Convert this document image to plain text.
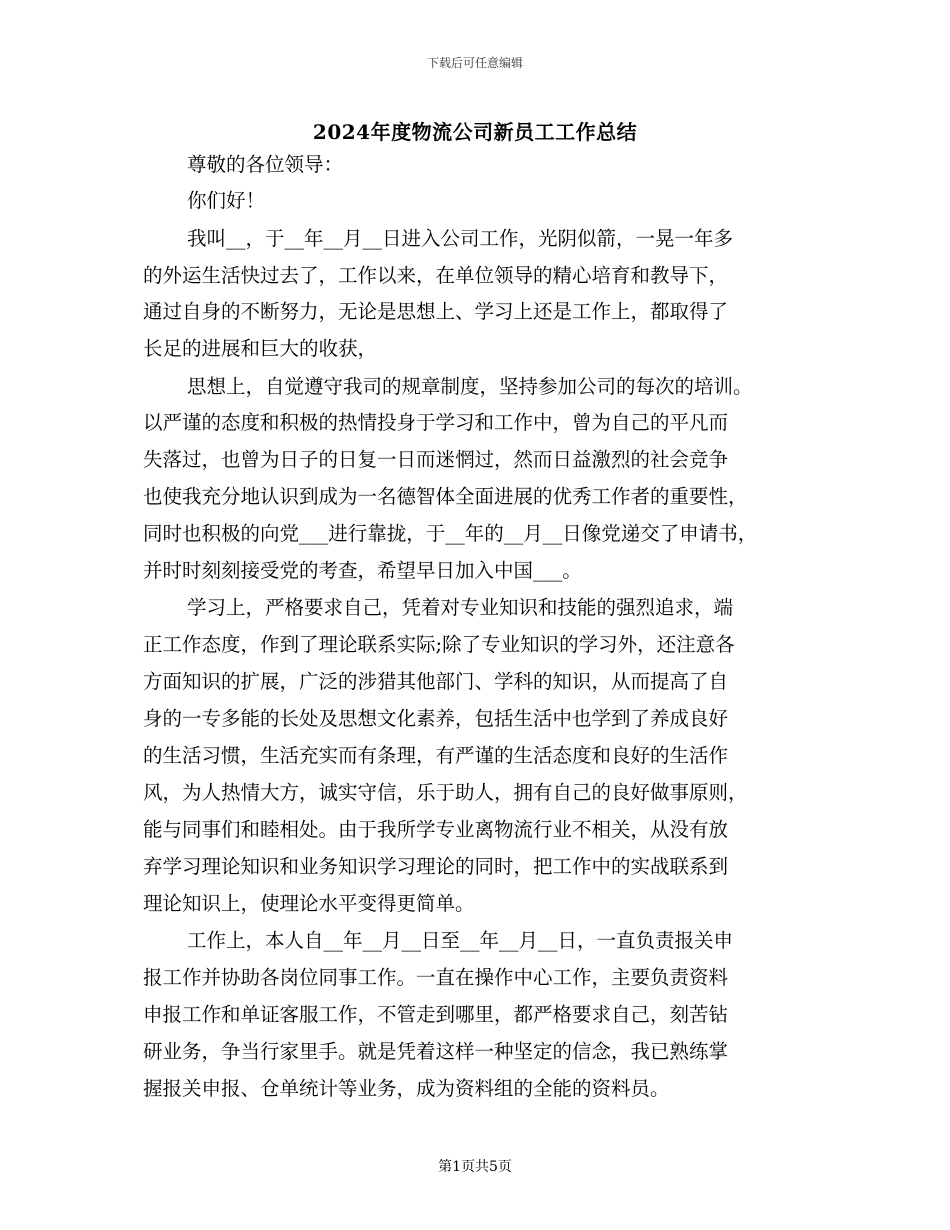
下载后可任意编辑
2024年度物流公司新员工工作总结
尊敬的各位领导：
你们好！
我叫__，于__年__月__日进入公司工作，光阴似箭，一晃一年多
的外运生活快过去了，工作以来，在单位领导的精心培育和教导下，
通过自身的不断努力，无论是思想上、学习上还是工作上，都取得了
长足的进展和巨大的收获，
思想上，自觉遵守我司的规章制度，坚持参加公司的每次的培训。
以严谨的态度和积极的热情投身于学习和工作中，曾为自己的平凡而
失落过，也曾为日子的日复一日而迷惘过，然而日益激烈的社会竞争
也使我充分地认识到成为一名德智体全面进展的优秀工作者的重要性，
同时也积极的向党___进行靠拢，于__年的__月__日像党递交了申请书，
并时时刻刻接受党的考查，希望早日加入中国___。
学习上，严格要求自己，凭着对专业知识和技能的强烈追求，端
正工作态度，作到了理论联系实际;除了专业知识的学习外，还注意各
方面知识的扩展，广泛的涉猎其他部门、学科的知识，从而提高了自
身的一专多能的长处及思想文化素养，包括生活中也学到了养成良好
的生活习惯，生活充实而有条理，有严谨的生活态度和良好的生活作
风，为人热情大方，诚实守信，乐于助人，拥有自己的良好做事原则，
能与同事们和睦相处。由于我所学专业离物流行业不相关，从没有放
弃学习理论知识和业务知识学习理论的同时，把工作中的实战联系到
理论知识上，使理论水平变得更简单。
工作上，本人自__年__月__日至__年__月__日，一直负责报关申
报工作并协助各岗位同事工作。一直在操作中心工作，主要负责资料
申报工作和单证客服工作，不管走到哪里，都严格要求自己，刻苦钻
研业务，争当行家里手。就是凭着这样一种坚定的信念，我已熟练掌
握报关申报、仓单统计等业务，成为资料组的全能的资料员。
第1页共5页
